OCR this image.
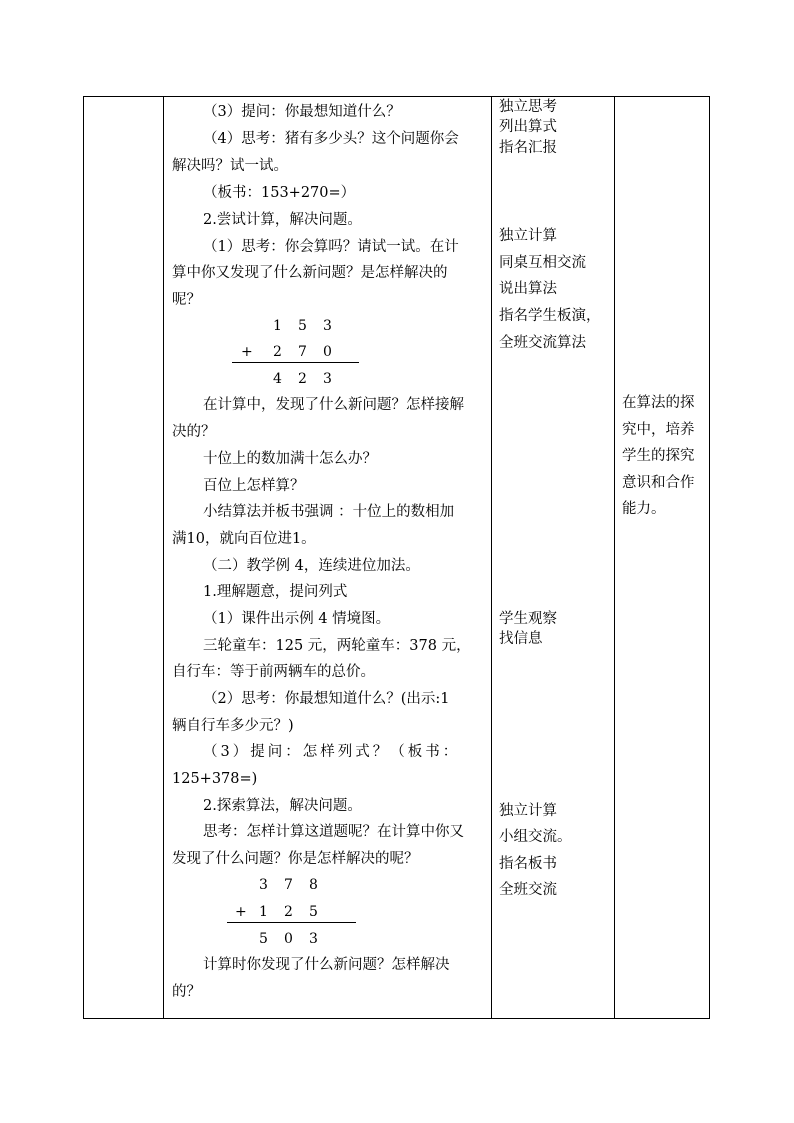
（3）提问：你最想知道什么？
（4）思考：猪有多少头？这个问题你会
解决吗？试一试。
（板书：153+270=）
2.尝试计算，解决问题。
（1）思考：你会算吗？请试一试。在计
算中你又发现了什么新问题？是怎样解决的
呢？
1 5 3
+ 2 7 0
4 2 3
在计算中，发现了什么新问题？怎样接解
决的？
十位上的数加满十怎么办？
百位上怎样算？
小结算法并板书强调 ：十位上的数相加
满10，就向百位进1。
（二）教学例 4，连续进位加法。
1.理解题意，提问列式
（1）课件出示例 4 情境图。
三轮童车：125 元，两轮童车：378 元，
自行车：等于前两辆车的总价。
（2）思考：你最想知道什么？(出示:1
辆自行车多少元？)
（3）提问：怎样列式？（板书：
125+378=)
2.探索算法，解决问题。
思考：怎样计算这道题呢？在计算中你又
发现了什么问题？你是怎样解决的呢？
3 7 8
+ 1 2 5
5 0 3
计算时你发现了什么新问题？怎样解决
的？
独立思考
列出算式
指名汇报
独立计算
同桌互相交流
说出算法
指名学生板演，
全班交流算法
学生观察
找信息
独立计算
小组交流。
指名板书
全班交流
在算法的探
究中，培养
学生的探究
意识和合作
能力。
